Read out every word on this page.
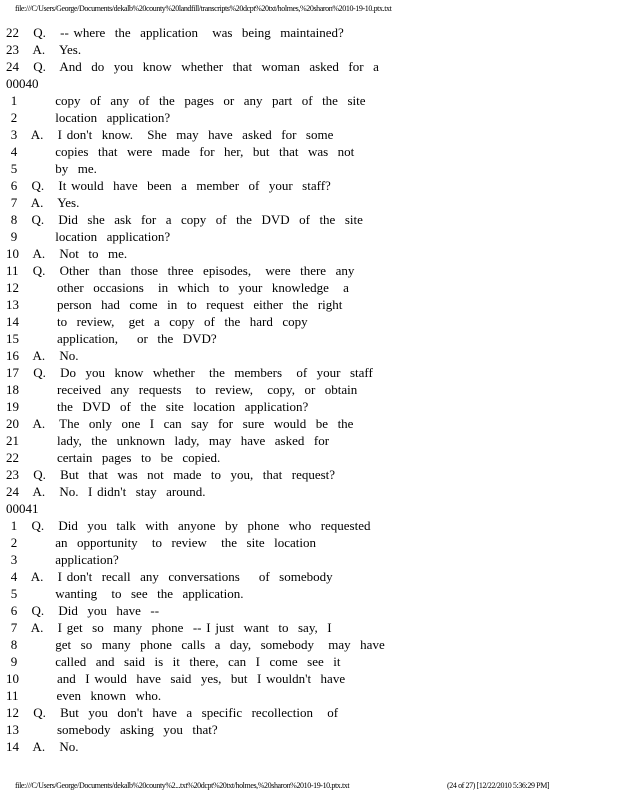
file:///C/Users/George/Documents/dekalb%20county%20landfill/transcripts%20dcpt%20txt/holmes,%20sharon%2010-19-10.ptx.txt
22   Q.   -- where  the  application   was  being  maintained?
23   A.   Yes.
24   Q.   And  do  you  know  whether  that  woman  asked  for  a
00040
1        copy  of  any  of  the  pages  or  any  part  of  the  site
2        location  application?
3   A.   I don't  know.   She  may  have  asked  for  some
4        copies  that  were  made  for  her,  but  that  was  not
5        by  me.
6   Q.   It would  have  been  a  member  of  your  staff?
7   A.   Yes.
8   Q.   Did  she  ask  for  a  copy  of  the  DVD  of  the  site
9        location  application?
10   A.   Not  to  me.
11   Q.   Other  than  those  three  episodes,   were  there  any
12        other  occasions   in  which  to  your  knowledge   a
13        person  had  come  in  to  request  either  the  right
14        to  review,   get  a  copy  of  the  hard  copy
15        application,    or  the  DVD?
16   A.   No.
17   Q.   Do  you  know  whether   the  members   of  your  staff
18        received  any  requests   to  review,   copy,  or  obtain
19        the  DVD  of  the  site  location  application?
20   A.   The  only  one  I  can  say  for  sure  would  be  the
21        lady,  the  unknown  lady,  may  have  asked  for
22        certain  pages  to  be  copied.
23   Q.   But  that  was  not  made  to  you,  that  request?
24   A.   No.  I didn't  stay  around.
00041
1   Q.   Did  you  talk  with  anyone  by  phone  who  requested
2        an  opportunity   to  review   the  site  location
3        application?
4   A.   I don't  recall  any  conversations    of  somebody
5        wanting   to  see  the  application.
6   Q.   Did  you  have  --
7   A.   I get  so  many  phone  -- I just  want  to  say,  I
8        get  so  many  phone  calls  a  day,  somebody   may  have
9        called  and  said  is  it  there,  can  I  come  see  it
10        and  I would  have  said  yes,  but  I wouldn't  have
11        even  known  who.
12   Q.   But  you  don't  have  a  specific  recollection   of
13        somebody  asking  you  that?
14   A.   No.
file:///C/Users/George/Documents/dekalb%20county%2...txt%20dcpt%20txt/holmes,%20sharon%2010-19-10.ptx.txt	(24 of 27) [12/22/2010 5:36:29 PM]
